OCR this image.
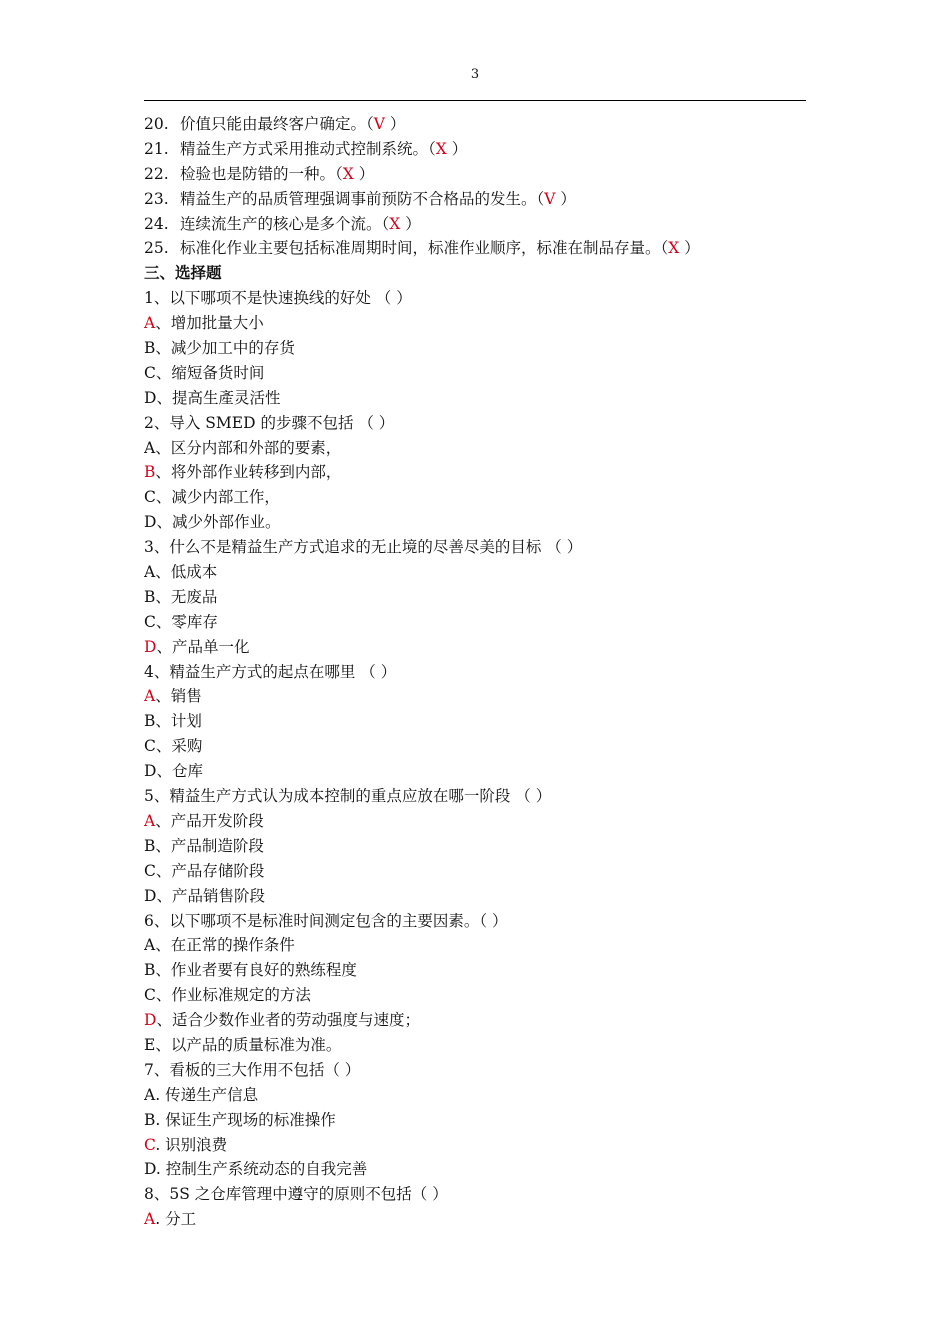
3
20. 价值只能由最终客户确定。（V ）
21. 精益生产方式采用推动式控制系统。（X ）
22. 检验也是防错的一种。（X ）
23. 精益生产的品质管理强调事前预防不合格品的发生。（V ）
24. 连续流生产的核心是多个流。（X ）
25. 标准化作业主要包括标准周期时间，标准作业顺序，标准在制品存量。（X ）
三、选择题
1、以下哪项不是快速换线的好处 （ ）
A、增加批量大小
B、减少加工中的存货
C、缩短备货时间
D、提高生產灵活性
2、导入 SMED 的步骤不包括 （ ）
A、区分内部和外部的要素，
B、将外部作业转移到内部，
C、减少内部工作，
D、减少外部作业。
3、什么不是精益生产方式追求的无止境的尽善尽美的目标 （ ）
A、低成本
B、无废品
C、零库存
D、产品单一化
4、精益生产方式的起点在哪里 （ ）
A、销售
B、计划
C、采购
D、仓库
5、精益生产方式认为成本控制的重点应放在哪一阶段 （ ）
A、产品开发阶段
B、产品制造阶段
C、产品存储阶段
D、产品销售阶段
6、以下哪项不是标准时间测定包含的主要因素。（ ）
A、在正常的操作条件
B、作业者要有良好的熟练程度
C、作业标准规定的方法
D、适合少数作业者的劳动强度与速度；
E、以产品的质量标准为准。
7、看板的三大作用不包括（ ）
A. 传递生产信息
B. 保证生产现场的标准操作
C. 识别浪费
D. 控制生产系统动态的自我完善
8、5S 之仓库管理中遵守的原则不包括（ ）
A. 分工
